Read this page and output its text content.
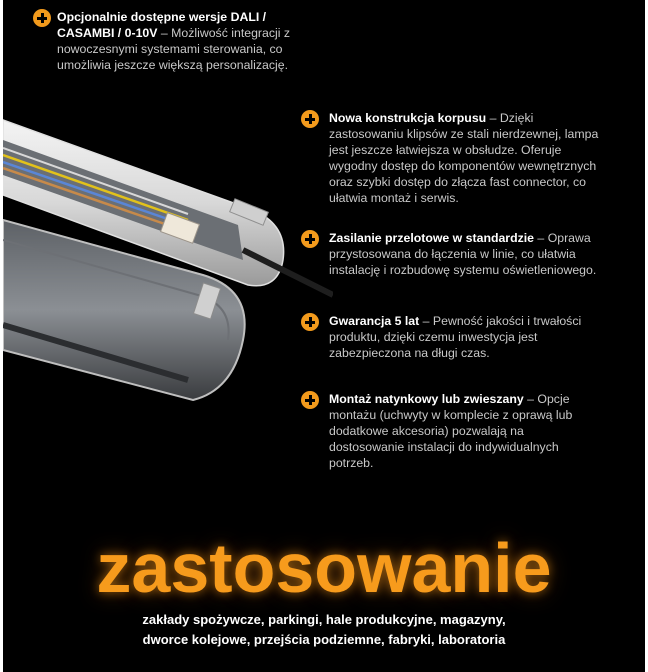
Opcjonalnie dostępne wersje DALI / CASAMBI / 0-10V – Możliwość integracji z nowoczesnymi systemami sterowania, co umożliwia jeszcze większą personalizację.
Nowa konstrukcja korpusu – Dzięki zastosowaniu klipsów ze stali nierdzewnej, lampa jest jeszcze łatwiejsza w obsłudze. Oferuje wygodny dostęp do komponentów wewnętrznych oraz szybki dostęp do złącza fast connector, co ułatwia montaż i serwis.
Zasilanie przelotowe w standardzie – Oprawa przystosowana do łączenia w linie, co ułatwia instalację i rozbudowę systemu oświetleniowego.
Gwarancja 5 lat – Pewność jakości i trwałości produktu, dzięki czemu inwestycja jest zabezpieczona na długi czas.
Montaż natynkowy lub zwieszany – Opcje montażu (uchwyty w komplecie z oprawą lub dodatkowe akcesoria) pozwalają na dostosowanie instalacji do indywidualnych potrzeb.
zastosowanie
zakłady spożywcze, parkingi, hale produkcyjne, magazyny,
dworce kolejowe, przejścia podziemne, fabryki, laboratoria
